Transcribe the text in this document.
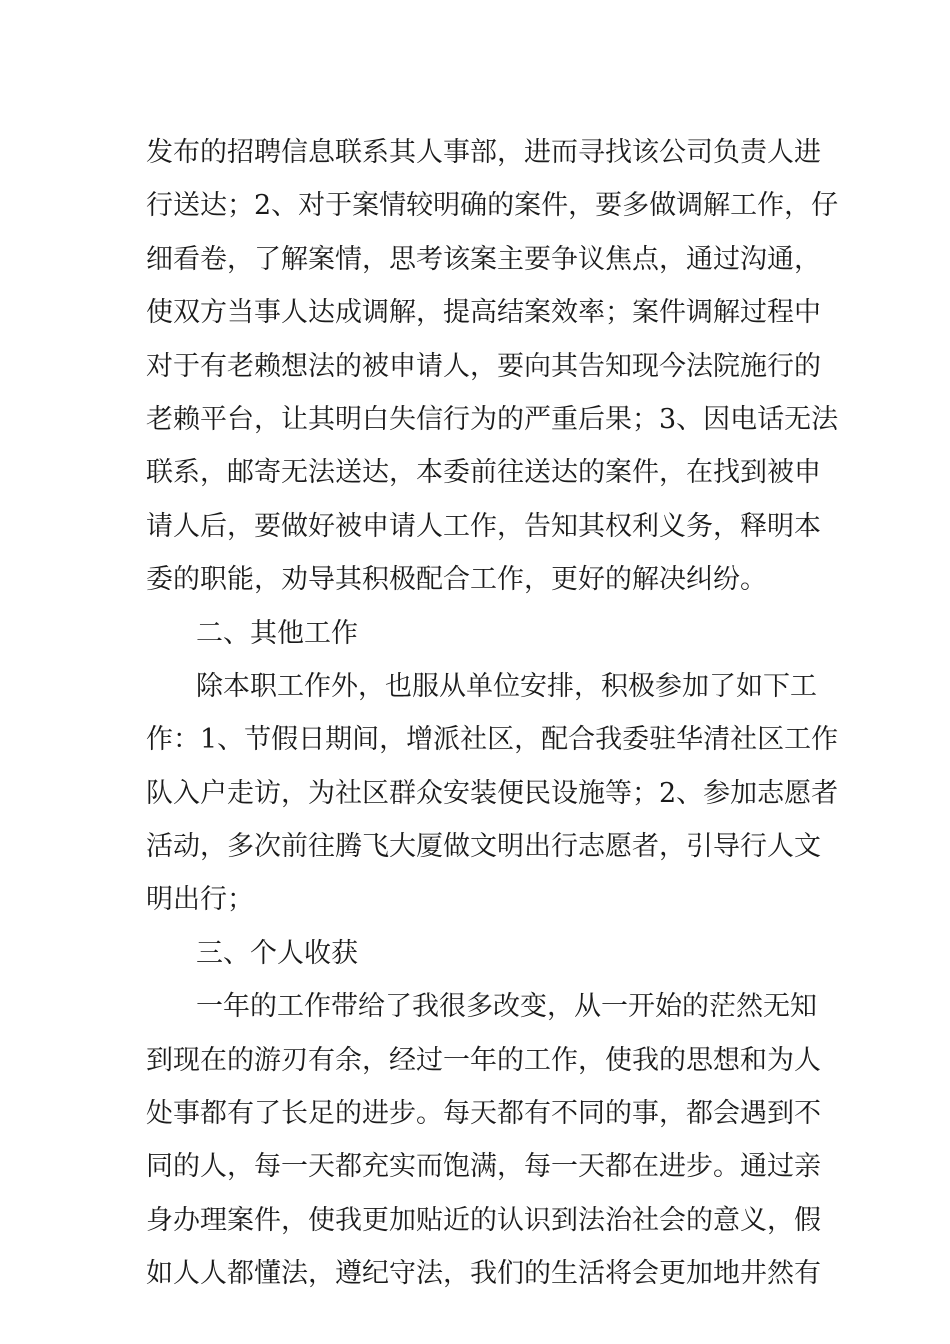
发布的招聘信息联系其人事部，进而寻找该公司负责人进
行送达；2、对于案情较明确的案件，要多做调解工作，仔
细看卷，了解案情，思考该案主要争议焦点，通过沟通，
使双方当事人达成调解，提高结案效率；案件调解过程中
对于有老赖想法的被申请人，要向其告知现今法院施行的
老赖平台，让其明白失信行为的严重后果；3、因电话无法
联系，邮寄无法送达，本委前往送达的案件，在找到被申
请人后，要做好被申请人工作，告知其权利义务，释明本
委的职能，劝导其积极配合工作，更好的解决纠纷。
二、其他工作
除本职工作外，也服从单位安排，积极参加了如下工
作：1、节假日期间，增派社区，配合我委驻华清社区工作
队入户走访，为社区群众安装便民设施等；2、参加志愿者
活动，多次前往腾飞大厦做文明出行志愿者，引导行人文
明出行；
三、个人收获
一年的工作带给了我很多改变，从一开始的茫然无知
到现在的游刃有余，经过一年的工作，使我的思想和为人
处事都有了长足的进步。每天都有不同的事，都会遇到不
同的人，每一天都充实而饱满，每一天都在进步。通过亲
身办理案件，使我更加贴近的认识到法治社会的意义，假
如人人都懂法，遵纪守法，我们的生活将会更加地井然有
